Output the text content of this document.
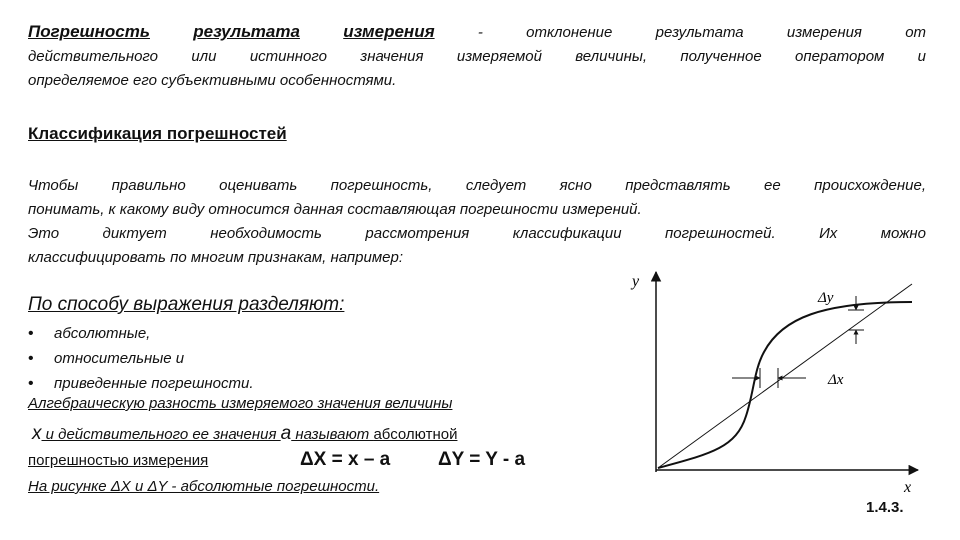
Погрешность	результата	измерения	- отклонение результата измерения от
действительного или истинного значения измеряемой величины, полученное оператором и
определяемое его субъективными особенностями.
Классификация погрешностей
Чтобы правильно оценивать погрешность, следует ясно представлять ее происхождение,
понимать, к какому виду относится данная составляющая погрешности измерений.
Это диктует необходимость рассмотрения классификации погрешностей. Их можно
классифицировать по многим признакам, например:
По способу выражения разделяют:
• абсолютные,
• относительные и
• приведенные погрешности.
Алгебраическую разность измеряемого значения величины
x и действительного ее значения a называют абсолютной
погрешностью измерения	ΔX = x – a	ΔY = Y - a
На рисунке ΔX и ΔY - абсолютные погрешности.
y
x
Δy
Δx
1.4.3.
